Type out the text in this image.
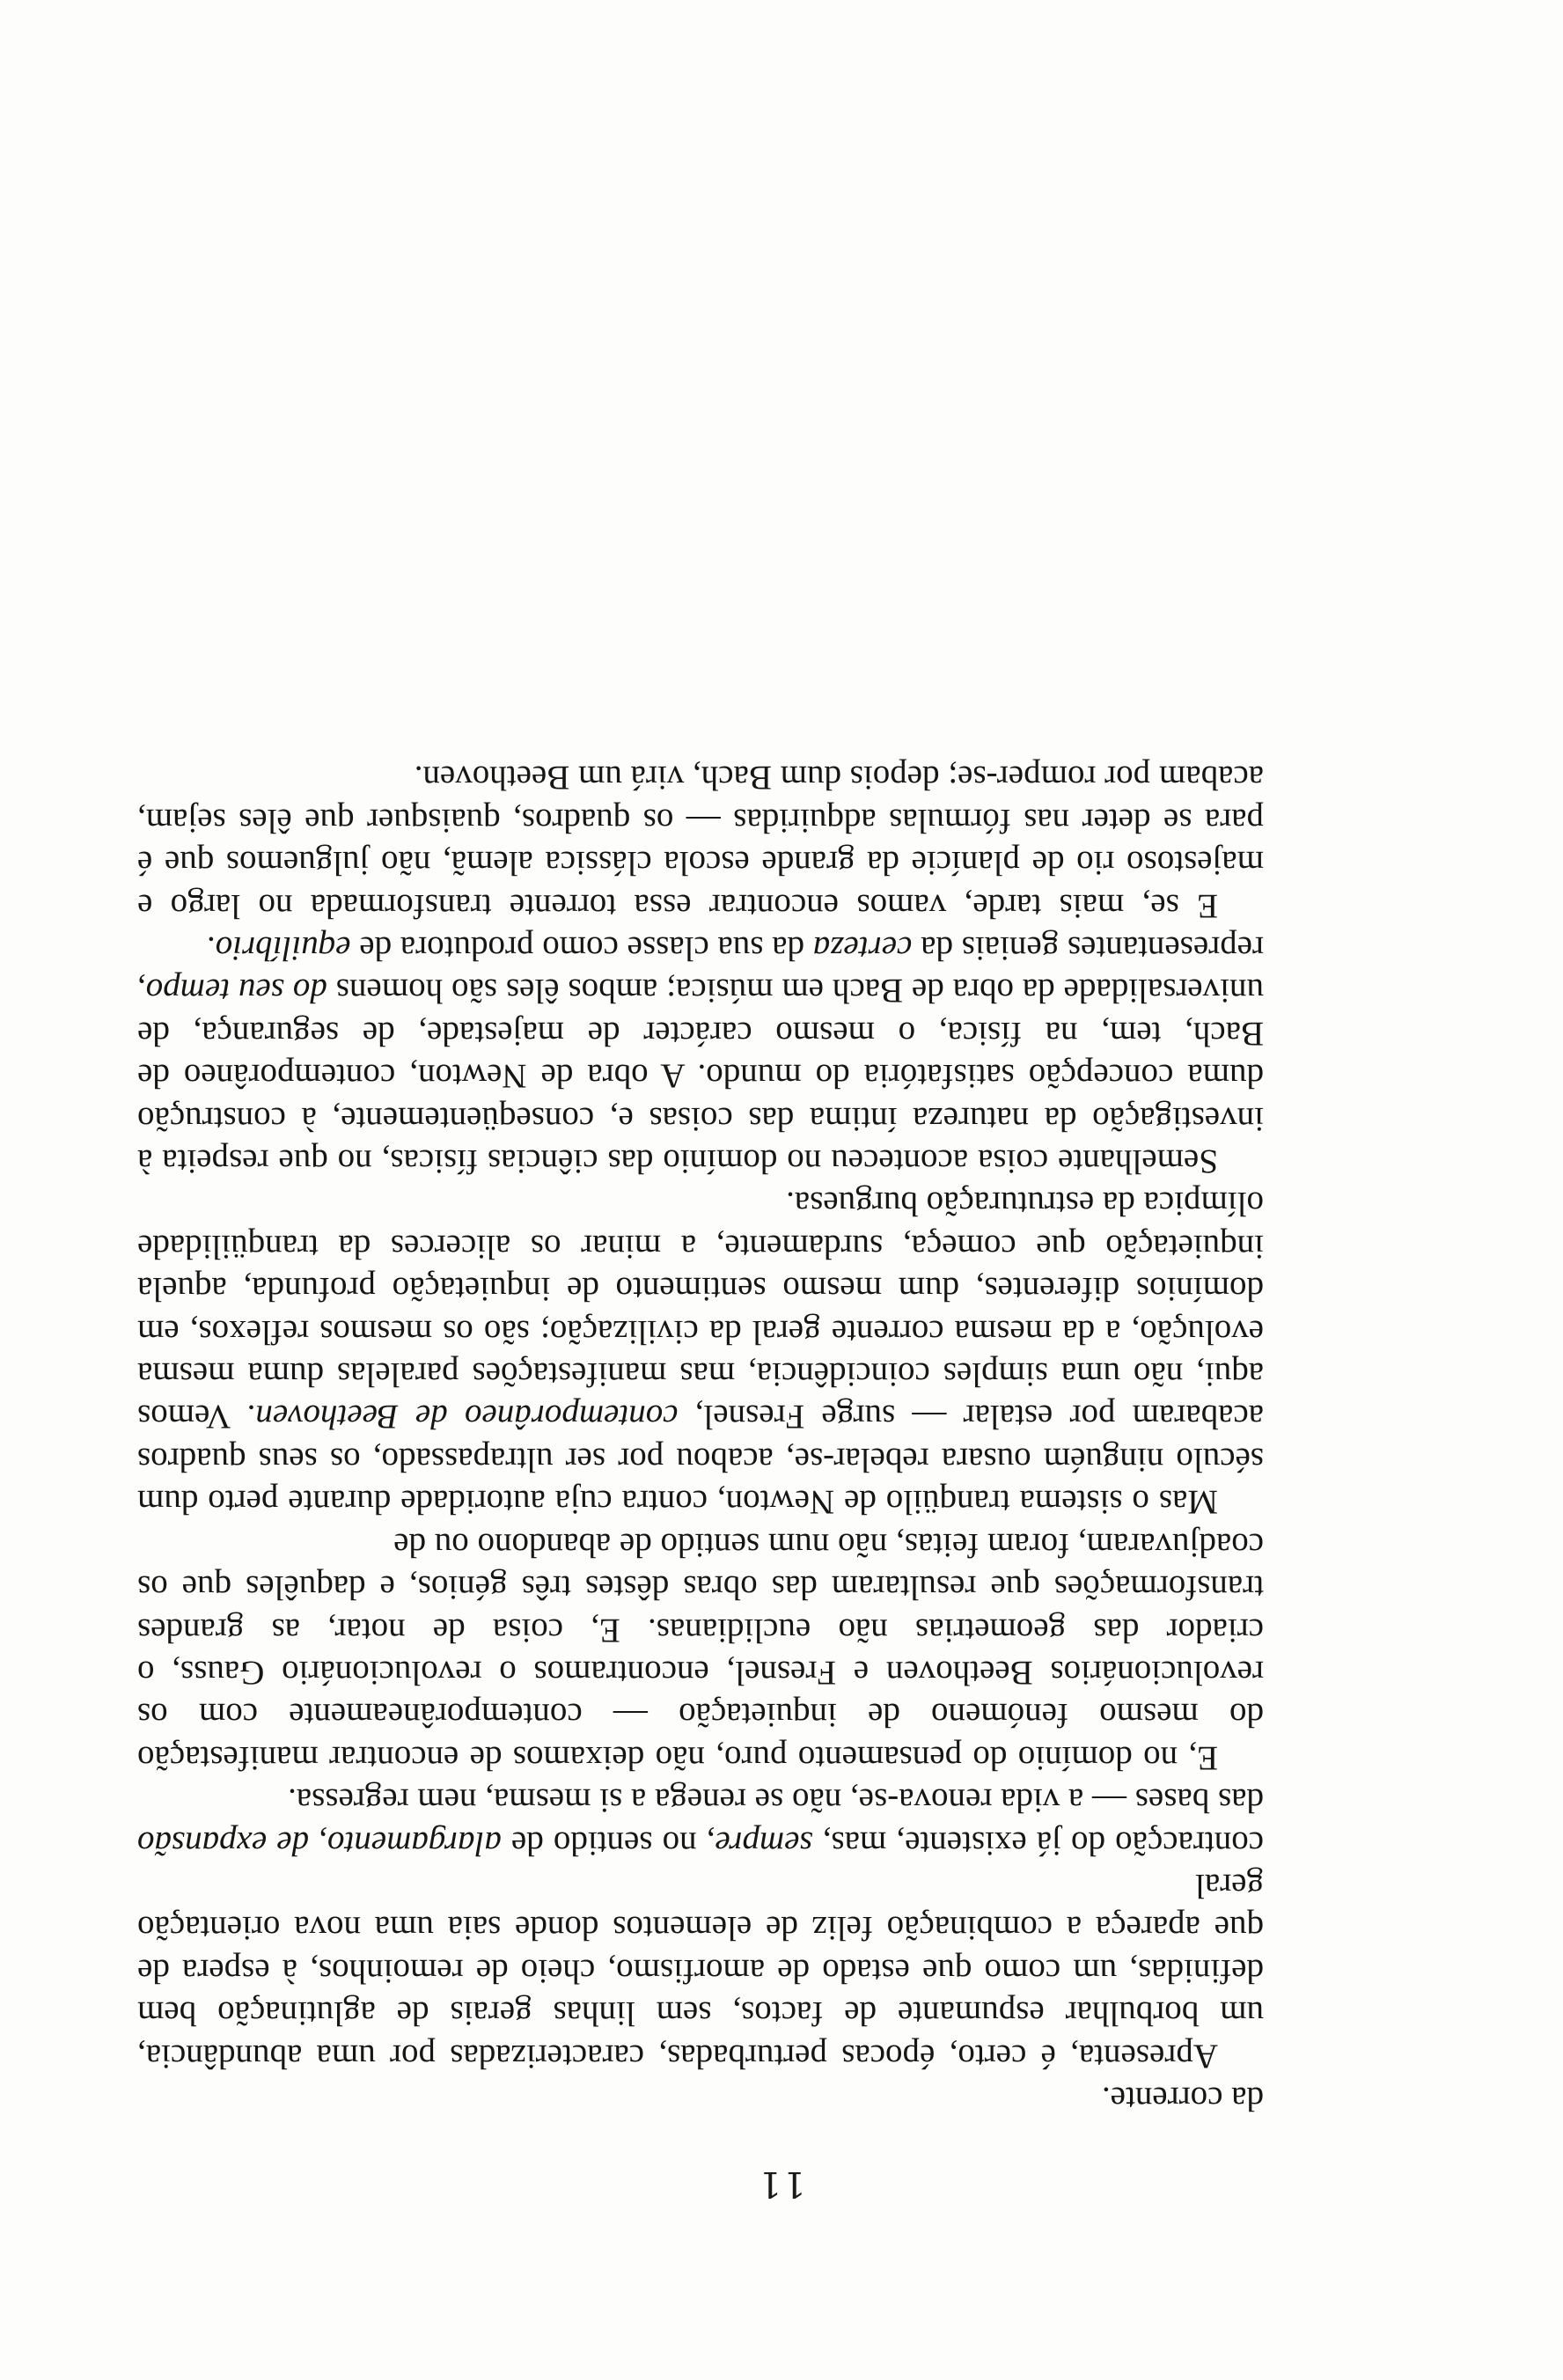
11

da corrente.

Apresenta, é certo, épocas perturbadas, caracterizadas por uma abundância, um borbulhar espumante de factos, sem linhas gerais de aglutinação bem definidas, um como que estado de amorfismo, cheio de remoinhos, à espera de que apareça a combinação feliz de elementos donde saia uma nova orientação geral

contracção do já existente, mas, sempre, no sentido de alargamento, de expansão das bases — a vida renova-se, não se renega a si mesma, nem regressa.

E, no domínio do pensamento puro, não deixamos de encontrar manifestação do mesmo fenómeno de inquietação — contemporâneamente com os revolucionários Beethoven e Fresnel, encontramos o revolucionário Gauss, o criador das geometrias não euclidianas. E, coisa de notar, as grandes transformações que resultaram das obras dêstes três génios, e daquêles que os coadjuvaram, foram feitas, não num sentido de abandono ou de

Mas o sistema tranqüilo de Newton, contra cuja autoridade durante perto dum século ninguém ousara rebelar-se, acabou por ser ultrapassado, os seus quadros acabaram por estalar — surge Fresnel, contemporâneo de Beethoven. Vemos aqui, não uma simples coincidência, mas manifestações paralelas duma mesma evolução, a da mesma corrente geral da civilização; são os mesmos reflexos, em domínios diferentes, dum mesmo sentimento de inquietação profunda, aquela inquietação que começa, surdamente, a minar os alicerces da tranqüilidade olímpica da estruturação burguesa.

Semelhante coisa aconteceu no domínio das ciências físicas, no que respeita à investigação da natureza íntima das coisas e, conseqüentemente, à construção duma concepção satisfatória do mundo. A obra de Newton, contemporâneo de Bach, tem, na física, o mesmo carácter de majestade, de segurança, de universalidade da obra de Bach em música; ambos êles são homens do seu tempo, representantes geniais da certeza da sua classe como produtora de equilíbrio.

E se, mais tarde, vamos encontrar essa torrente transformada no largo e majestoso rio de planície da grande escola clássica alemã, não julguemos que é para se deter nas fórmulas adquiridas — os quadros, quaisquer que êles sejam, acabam por romper-se; depois dum Bach, virá um Beethoven.
